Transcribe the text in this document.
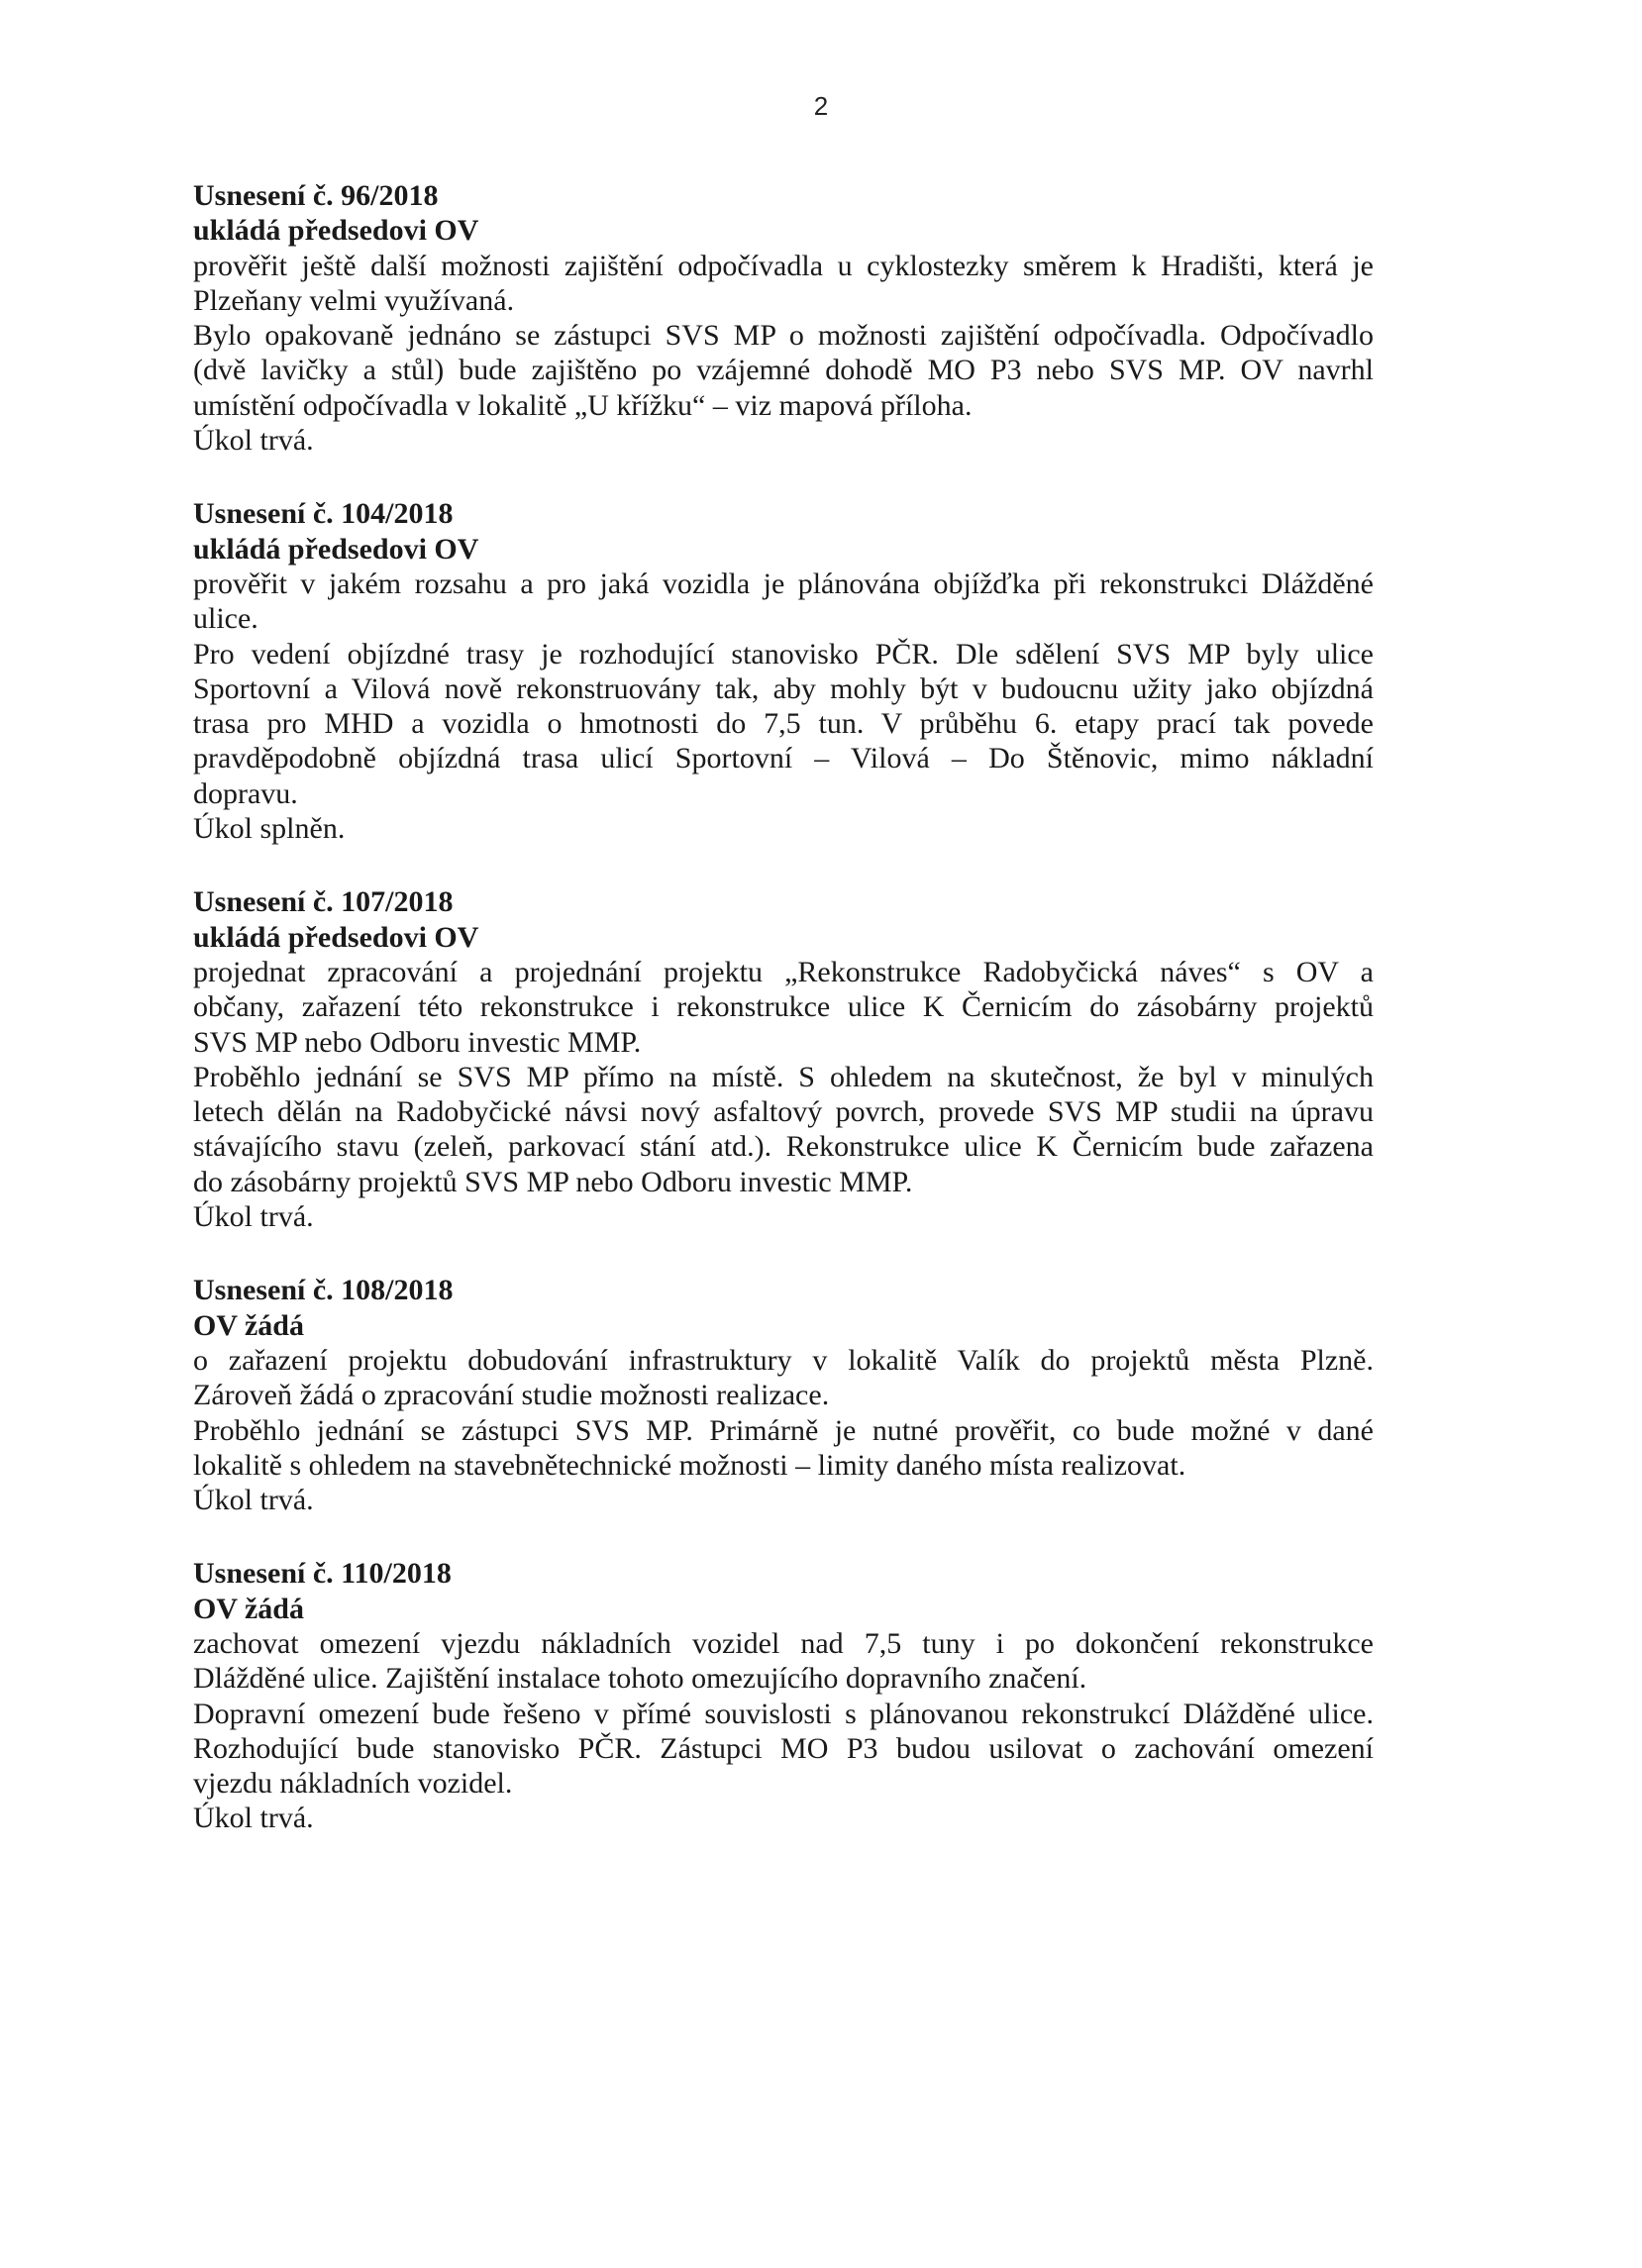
2
Usnesení č. 96/2018
ukládá předsedovi OV
prověřit ještě další možnosti zajištění odpočívadla u cyklostezky směrem k Hradišti, která je
Plzeňany velmi využívaná.
Bylo opakovaně jednáno se zástupci SVS MP o možnosti zajištění odpočívadla. Odpočívadlo
(dvě lavičky a stůl) bude zajištěno po vzájemné dohodě MO P3 nebo SVS MP. OV navrhl
umístění odpočívadla v lokalitě „U křížku“ – viz mapová příloha.
Úkol trvá.
Usnesení č. 104/2018
ukládá předsedovi OV
prověřit v jakém rozsahu a pro jaká vozidla je plánována objížďka při rekonstrukci Dlážděné
ulice.
Pro vedení objízdné trasy je rozhodující stanovisko PČR. Dle sdělení SVS MP byly ulice
Sportovní a Vilová nově rekonstruovány tak, aby mohly být v budoucnu užity jako objízdná
trasa pro MHD a vozidla o hmotnosti do 7,5 tun. V průběhu 6. etapy prací tak povede
pravděpodobně objízdná trasa ulicí Sportovní – Vilová – Do Štěnovic, mimo nákladní
dopravu.
Úkol splněn.
Usnesení č. 107/2018
ukládá předsedovi OV
projednat zpracování a projednání projektu „Rekonstrukce Radobyčická náves“ s OV a
občany, zařazení této rekonstrukce i rekonstrukce ulice K Černicím do zásobárny projektů
SVS MP nebo Odboru investic MMP.
Proběhlo jednání se SVS MP přímo na místě. S ohledem na skutečnost, že byl v minulých
letech dělán na Radobyčické návsi nový asfaltový povrch, provede SVS MP studii na úpravu
stávajícího stavu (zeleň, parkovací stání atd.). Rekonstrukce ulice K Černicím bude zařazena
do zásobárny projektů SVS MP nebo Odboru investic MMP.
Úkol trvá.
Usnesení č. 108/2018
OV žádá
o zařazení projektu dobudování infrastruktury v lokalitě Valík do projektů města Plzně.
Zároveň žádá o zpracování studie možnosti realizace.
Proběhlo jednání se zástupci SVS MP. Primárně je nutné prověřit, co bude možné v dané
lokalitě s ohledem na stavebnětechnické možnosti – limity daného místa realizovat.
Úkol trvá.
Usnesení č. 110/2018
OV žádá
zachovat omezení vjezdu nákladních vozidel nad 7,5 tuny i po dokončení rekonstrukce
Dlážděné ulice. Zajištění instalace tohoto omezujícího dopravního značení.
Dopravní omezení bude řešeno v přímé souvislosti s plánovanou rekonstrukcí Dlážděné ulice.
Rozhodující bude stanovisko PČR. Zástupci MO P3 budou usilovat o zachování omezení
vjezdu nákladních vozidel.
Úkol trvá.
